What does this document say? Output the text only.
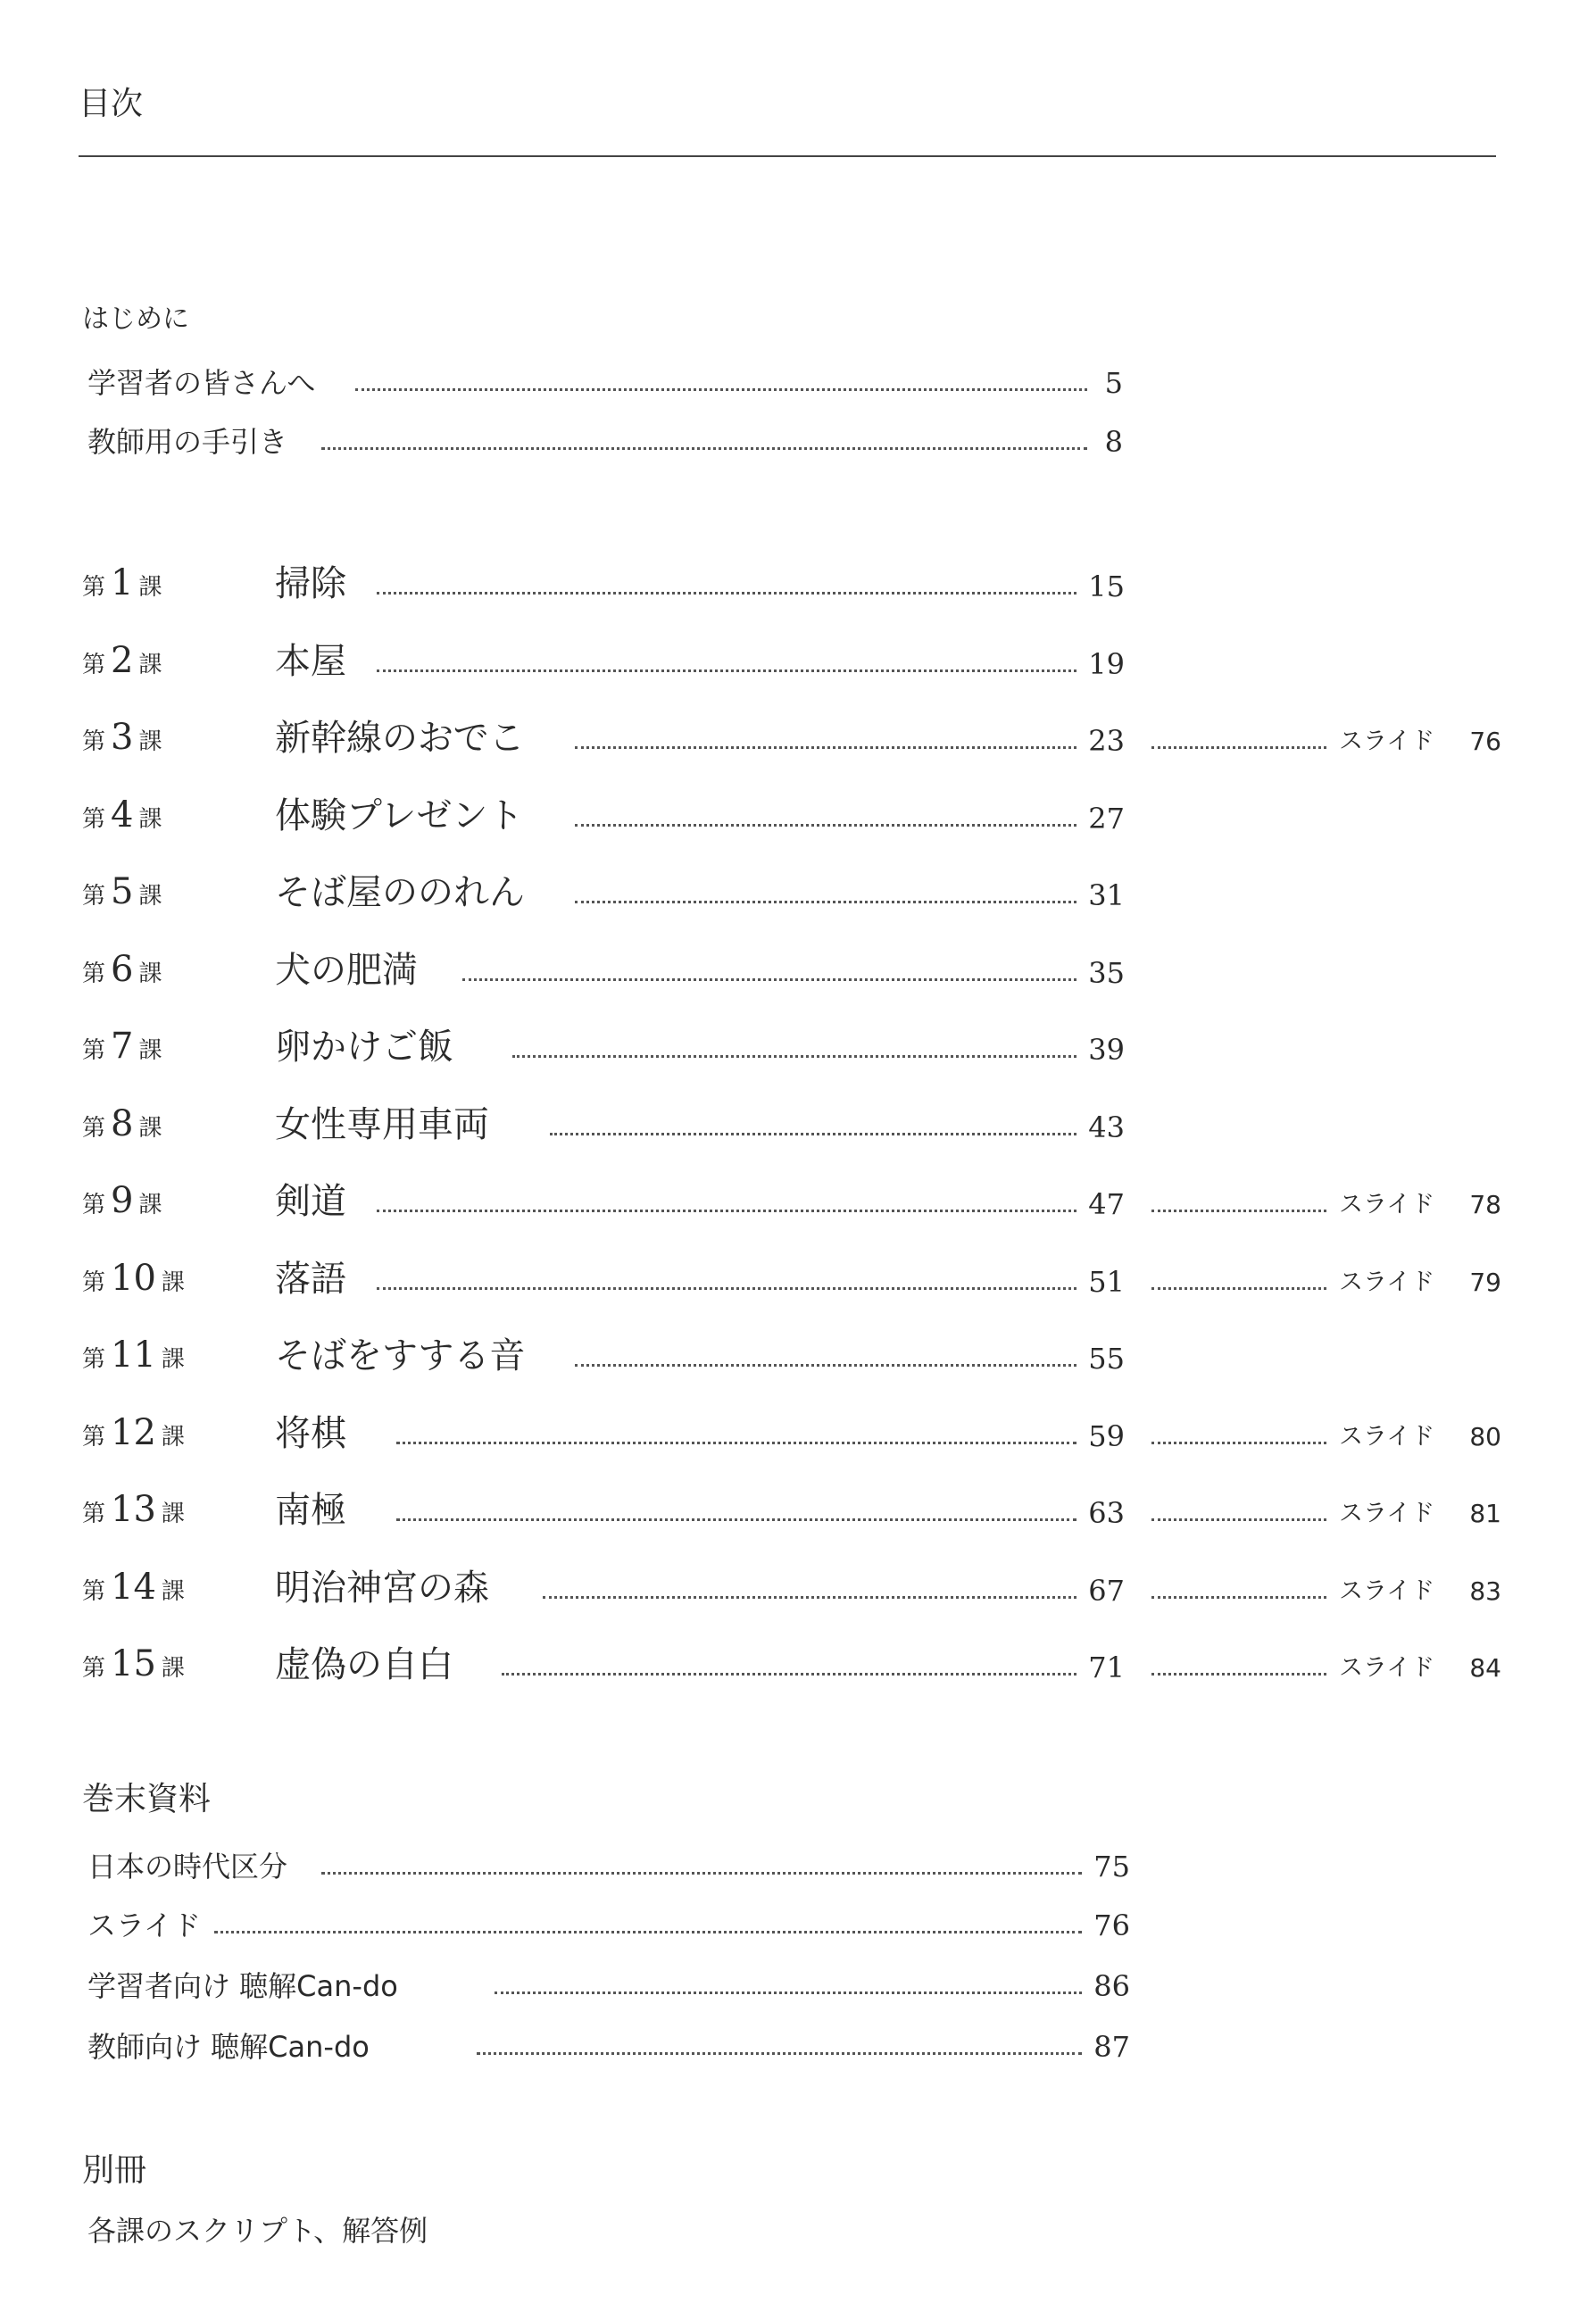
目次
はじめに
学習者の皆さんへ	5
教師用の手引き	8
第 1 課	掃除	15
第 2 課	本屋	19
第 3 課	新幹線のおでこ	23	スライド	76
第 4 課	体験プレゼント	27
第 5 課	そば屋ののれん	31
第 6 課	犬の肥満	35
第 7 課	卵かけご飯	39
第 8 課	女性専用車両	43
第 9 課	剣道	47	スライド	78
第 10 課	落語	51	スライド	79
第 11 課	そばをすする音	55
第 12 課	将棋	59	スライド	80
第 13 課	南極	63	スライド	81
第 14 課	明治神宮の森	67	スライド	83
第 15 課	虚偽の自白	71	スライド	84
巻末資料
日本の時代区分	75
スライド	76
学習者向け 聴解Can-do	86
教師向け 聴解Can-do	87
別冊
各課のスクリプト、解答例
